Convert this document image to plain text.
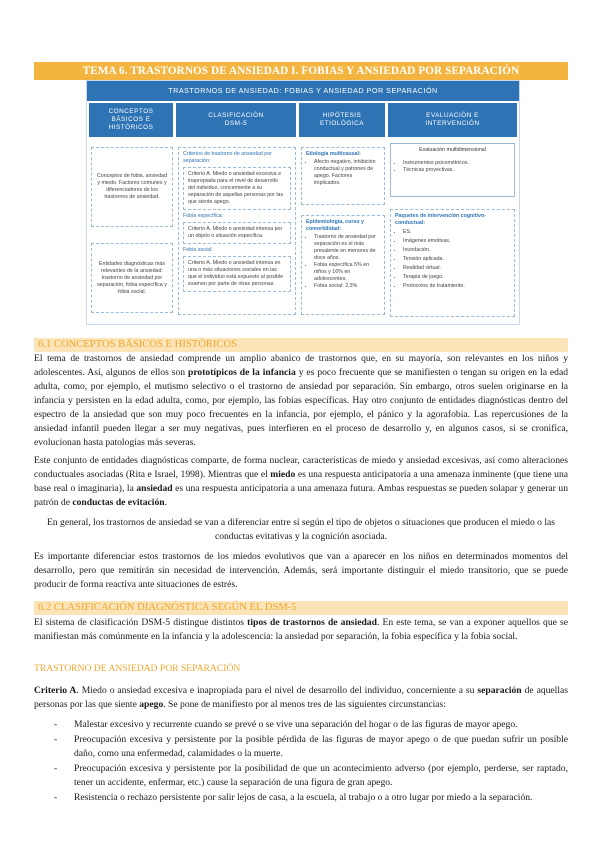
TEMA 6. TRASTORNOS DE ANSIEDAD I. FOBIAS Y ANSIEDAD POR SEPARACIÓN
TRASTORNOS DE ANSIEDAD: FOBIAS Y ANSIEDAD POR SEPARACIÓN
CONCEPTOS
BÁSICOS E
HISTÓRICOS
CLASIFICACIÓN
DSM-5
HIPÓTESIS
ETIOLÓGICA
EVALUACIÓN E
INTERVENCIÓN
Conceptos de fobia, ansiedad y miedo. Factores comunes y diferenciadores de los trastornos de ansiedad.
Entidades diagnósticas más relevantes de la ansiedad: trastorno de ansiedad por separación, fobia específica y fobia social.
Criterios de trastorno de ansiedad por separación:
Criterio A. Miedo o ansiedad excesiva e inapropiada para el nivel de desarrollo del individuo, concerniente a su separación de aquellas personas por las que siente apego.
Fobia específica:
Criterio A. Miedo o ansiedad intensa por un objeto o situación específica.
Fobia social:
Criterio A. Miedo o ansiedad intensa en una o más situaciones sociales en las que el individuo está expuesto al posible examen por parte de otras personas.
Etiología multicausal:
• Afecto negativo, inhibición conductual y patrones de apego. Factores implicados.
Epidemiología, curso y comorbilidad:
• Trastorno de ansiedad por separación es el más prevalente en menores de doce años.
• Fobia específica 5% en niños y 16% en adolescentes.
• Fobia social: 2,3%
Evaluación multidimensional
• Instrumentos psicométricos.
• Técnicas proyectivas.
Paquetes de intervención cognitivo-conductual:
• ES.
• Imágenes emotivas.
• Inundación.
• Tensión aplicada.
• Realidad virtual.
• Terapia de juego.
• Protocolos de tratamiento.
6.1 CONCEPTOS BÁSICOS E HISTÓRICOS

El tema de trastornos de ansiedad comprende un amplio abanico de trastornos que, en su mayoría, son relevantes en los niños y adolescentes. Así, algunos de ellos son prototípicos de la infancia y es poco frecuente que se manifiesten o tengan su origen en la edad adulta, como, por ejemplo, el mutismo selectivo o el trastorno de ansiedad por separación. Sin embargo, otros suelen originarse en la infancia y persisten en la edad adulta, como, por ejemplo, las fobias específicas. Hay otro conjunto de entidades diagnósticas dentro del espectro de la ansiedad que son muy poco frecuentes en la infancia, por ejemplo, el pánico y la agorafobia. Las repercusiones de la ansiedad infantil pueden llegar a ser muy negativas, pues interfieren en el proceso de desarrollo y, en algunos casos, si se cronifica, evolucionan hasta patologías más severas.

Este conjunto de entidades diagnósticas comparte, de forma nuclear, características de miedo y ansiedad excesivas, así como alteraciones conductuales asociadas (Rita e Israel, 1998). Mientras que el miedo es una respuesta anticipatoria a una amenaza inminente (que tiene una base real o imaginaria), la ansiedad es una respuesta anticipatoria a una amenaza futura. Ambas respuestas se pueden solapar y generar un patrón de conductas de evitación.

En general, los trastornos de ansiedad se van a diferenciar entre sí según el tipo de objetos o situaciones que producen el miedo o las conductas evitativas y la cognición asociada.

Es importante diferenciar estos trastornos de los miedos evolutivos que van a aparecer en los niños en determinados momentos del desarrollo, pero que remitirán sin necesidad de intervención. Además, será importante distinguir el miedo transitorio, que se puede producir de forma reactiva ante situaciones de estrés.

6.2 CLASIFICACIÓN DIAGNÓSTICA SEGÚN EL DSM-5

El sistema de clasificación DSM-5 distingue distintos tipos de trastornos de ansiedad. En este tema, se van a exponer aquellos que se manifiestan más comúnmente en la infancia y la adolescencia: la ansiedad por separación, la fobia específica y la fobia social.

TRASTORNO DE ANSIEDAD POR SEPARACIÓN

Criterio A. Miedo o ansiedad excesiva e inapropiada para el nivel de desarrollo del individuo, concerniente a su separación de aquellas personas por las que siente apego. Se pone de manifiesto por al menos tres de las siguientes circunstancias:

- Malestar excesivo y recurrente cuando se prevé o se vive una separación del hogar o de las figuras de mayor apego.
- Preocupación excesiva y persistente por la posible pérdida de las figuras de mayor apego o de que puedan sufrir un posible daño, como una enfermedad, calamidades o la muerte.
- Preocupación excesiva y persistente por la posibilidad de que un acontecimiento adverso (por ejemplo, perderse, ser raptado, tener un accidente, enfermar, etc.) cause la separación de una figura de gran apego.
- Resistencia o rechazo persistente por salir lejos de casa, a la escuela, al trabajo o a otro lugar por miedo a la separación.
